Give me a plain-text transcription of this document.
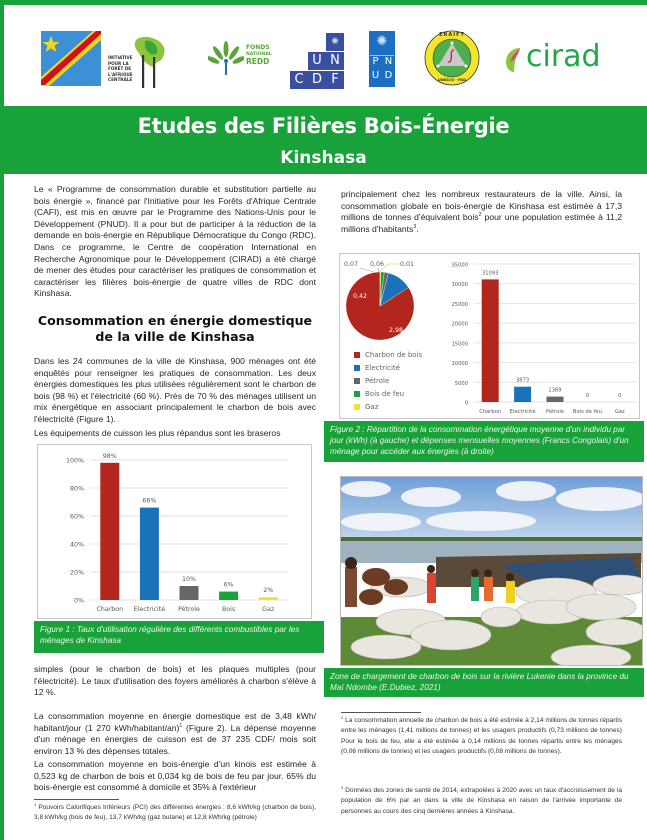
INITIATIVE POUR LA FORÊT DE L'AFRIQUE CENTRALE
FONDS
NATIONAL
REDD
✺
U N
C D F
✺
P N
U D
ERAIFT
UNESCO - PAD
cirad
Etudes des Filières Bois-Énergie
Kinshasa

Le « Programme de consommation durable et substitution partielle au bois énergie », financé par l'Initiative pour les Forêts d'Afrique Centrale (CAFI), est mis en œuvre par le Programme des Nations-Unis pour le Développement (PNUD). Il a pour but de participer à la réduction de la demande en bois-énergie en République Démocratique du Congo (RDC). Dans ce programme, le Centre de coopération International en Recherche Agronomique pour le Développement (CIRAD) a été chargé de mener des études pour caractériser les pratiques de consommation et caractériser les filières bois-énergie de quatre villes de RDC dont Kinshasa.

Consommation en énergie domestique de la ville de Kinshasa

Dans les 24 communes de la ville de Kinshasa, 900 ménages ont été enquêtés pour renseigner les pratiques de consommation. Les deux énergies domestiques les plus utilisées régulièrement sont le charbon de bois (98 %) et l'électricité (60 %). Près de 70 % des ménages utilisent un mix énergétique en associant principalement le charbon de bois avec l'électricité (Figure 1).

Les équipements de cuisson les plus répandus sont les braseros

0%
20%
40%
60%
80%
100%
98%
Charbon
66%
Electricité
10%
Pétrole
6%
Bois
2%
Gaz
Figure 1 : Taux d'utilisation régulière des différents combustibles par les ménages de Kinshasa

simples (pour le charbon de bois) et les plaques multiples (pour l'électricité). Le taux d'utilisation des foyers améliorés à charbon s'élève à 12 %.

La consommation moyenne en énergie domestique est de 3,48 kWh/ habitant/jour (1 270 kWh/habitant/an)$^1$ (Figure 2). La dépense moyenne d'un ménage en énergies de cuisson est de 37 235 CDF/ mois soit environ 13 % des dépenses totales.

La consommation moyenne en bois-énergie d'un kinois est estimée à 0,523 kg de charbon de bois et 0,034 kg de bois de feu par jour. 65% du bois-énergie est consommé à domicile et 35% à l'extérieur

$^1$ Pouvoirs Calorifiques Inférieurs (PCI) des différentes énergies : 8,6 kWh/kg (charbon de bois), 3,8 kWh/kg (bois de feu), 13,7 kWh/kg (gaz butane) et 12,8 kWh/kg (pétrole)

principalement chez les nombreux restaurateurs de la ville. Ainsi, la consommation globale en bois-énergie de Kinshasa est estimée à 17,3 millions de tonnes d'équivalent bois$^2$ pour une population estimée à 11,2 millions d'habitants$^3$.

2,98
0,42
0,07 0,06	0,01
Charbon de bois
Electricité
Pétrole
Bois de feu
Gaz	0
5000
10000
15000
20000
25000
30000
35000
31093
Charbon
3873
Electricité
1369
Pétrole
0
Bois de feu
0
Gaz
Figure 2 : Répartition de la consommation énergétique moyenne d'un individu par jour (kWh) (à gauche) et dépenses mensuelles moyennes (Francs Congolais) d'un ménage pour accéder aux énergies (à droite)
Zone de chargement de charbon de bois sur la rivière Lukenie dans la province du Maï Ndombe (E.Dubiez, 2021)

$^2$ La consommation annuelle de charbon de bois a été estimée à 2,14 millions de tonnes répartis entre les ménages (1,41 millions de tonnes) et les usagers productifs (0,73 millions de tonnes) Pour le bois de feu, elle a été estimée à 0,14 millions de tonnes répartis entre les ménages (0,06 millions de tonnes) et les usagers productifs (0,08 millions de tonnes).

$^3$ Données des zones de santé de 2014, extrapolées à 2020 avec un taux d'accroissement de la population de 6% par an dans la ville de Kinshasa en raison de l'arrivée importante de personnes au cours des cinq dernières années à Kinshasa.
